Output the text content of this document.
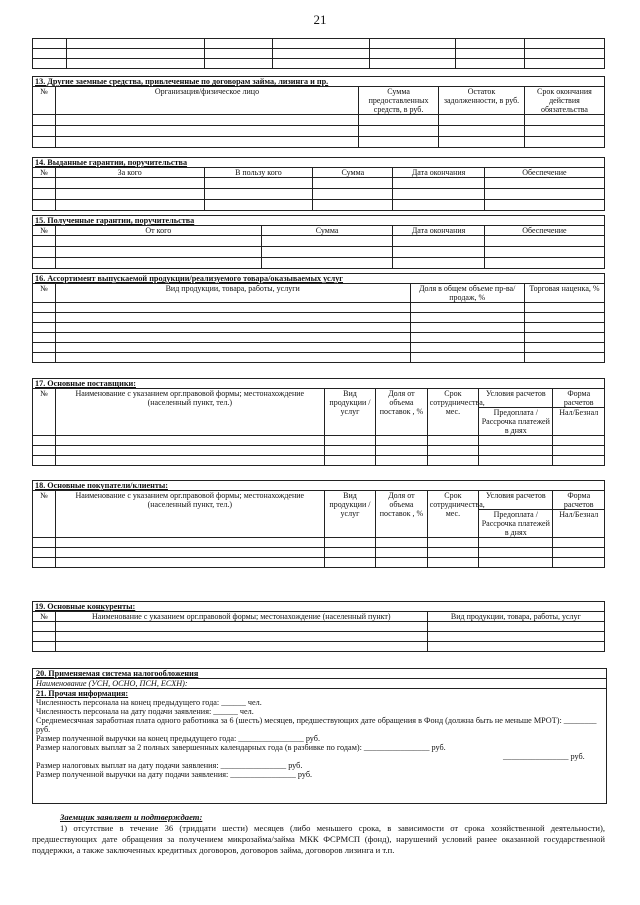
21

13. Другие заемные средства, привлеченные по договорам займа, лизинга и пр.				
№	Организация/физическое лицо	Сумма предоставленных средств, в руб.	Остаток задолженности, в руб.	Срок окончания действия обязательства

14. Выданные гарантии, поручительства					
№	За кого	В пользу кого	Сумма	Дата окончания	Обеспечение

15. Полученные гарантии, поручительства				
№	От кого	Сумма	Дата окончания	Обеспечение

16. Ассортимент выпускаемой продукции/реализуемого товара/оказываемых услуг			
№	Вид продукции, товара, работы, услуги	Доля в общем объеме пр-ва/продаж, %	Торговая наценка, %

17. Основные поставщики:						
№	Наименование с указанием орг.правовой формы; местонахождение (населенный пункт, тел.)	Вид продукции /услуг	Доля от объема поставок , %	Срок сотрудничества, мес.	Условия расчетов	Форма расчетов
					Предоплата / Рассрочка платежей в днях	Нал/Безнал

18. Основные покупатели/клиенты:						
№	Наименование с указанием орг.правовой формы; местонахождение (населенный пункт, тел.)	Вид продукции /услуг	Доля от объема поставок , %	Срок сотрудничества, мес.	Условия расчетов	Форма расчетов
					Предоплата / Рассрочка платежей в днях	Нал/Безнал

19. Основные конкуренты:		
№	Наименование с указанием орг.правовой формы; местонахождение (населенный пункт)	Вид продукции, товара, работы, услуг

20. Применяемая система налогообложения
Наименование (УСН, ОСНО, ПСН, ЕСХН):
21. Прочая информация:
Численность персонала на конец предыдущего года: ______ чел.
Численность персонала на дату подачи заявления: ______ чел.
Среднемесячная заработная плата одного работника за 6 (шесть) месяцев, предшествующих дате обращения в Фонд (должна быть не меньше МРОТ): ________ руб.
Размер полученной выручки на конец предыдущего года: ________________ руб.
Размер налоговых выплат за 2 полных завершенных календарных года (в разбивке по годам): ________________ руб.
________________ руб.
Размер налоговых выплат на дату подачи заявления: ________________ руб.
Размер полученной выручки на дату подачи заявления: ________________ руб.
Заемщик заявляет и подтверждает:
1) отсутствие в течение 36 (тридцати шести) месяцев (либо меньшего срока, в зависимости от срока хозяйственной деятельности), предшествующих дате обращения за получением микрозайма/займа МКК ФСРМСП (фонд), нарушений условий ранее оказанной государственной поддержки, а также заключенных кредитных договоров, договоров займа, договоров лизинга и т.п.
